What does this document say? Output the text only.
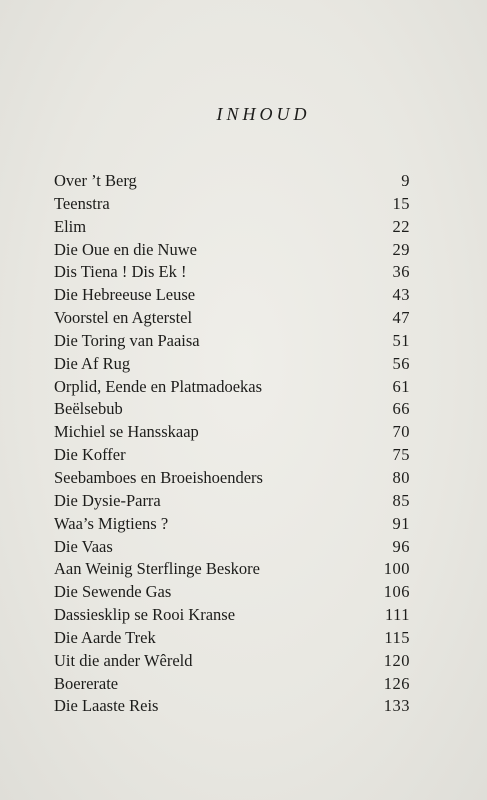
INHOUD
Over ’t Berg	9
Teenstra	15
Elim	22
Die Oue en die Nuwe	29
Dis Tiena ! Dis Ek !	36
Die Hebreeuse Leuse	43
Voorstel en Agterstel	47
Die Toring van Paaisa	51
Die Af Rug	56
Orplid, Eende en Platmadoekas	61
Beëlsebub	66
Michiel se Hansskaap	70
Die Koffer	75
Seebamboes en Broeishoenders	80
Die Dysie-Parra	85
Waa’s Migtiens ?	91
Die Vaas	96
Aan Weinig Sterflinge Beskore	100
Die Sewende Gas	106
Dassiesklip se Rooi Kranse	111
Die Aarde Trek	115
Uit die ander Wêreld	120
Boererate	126
Die Laaste Reis	133
